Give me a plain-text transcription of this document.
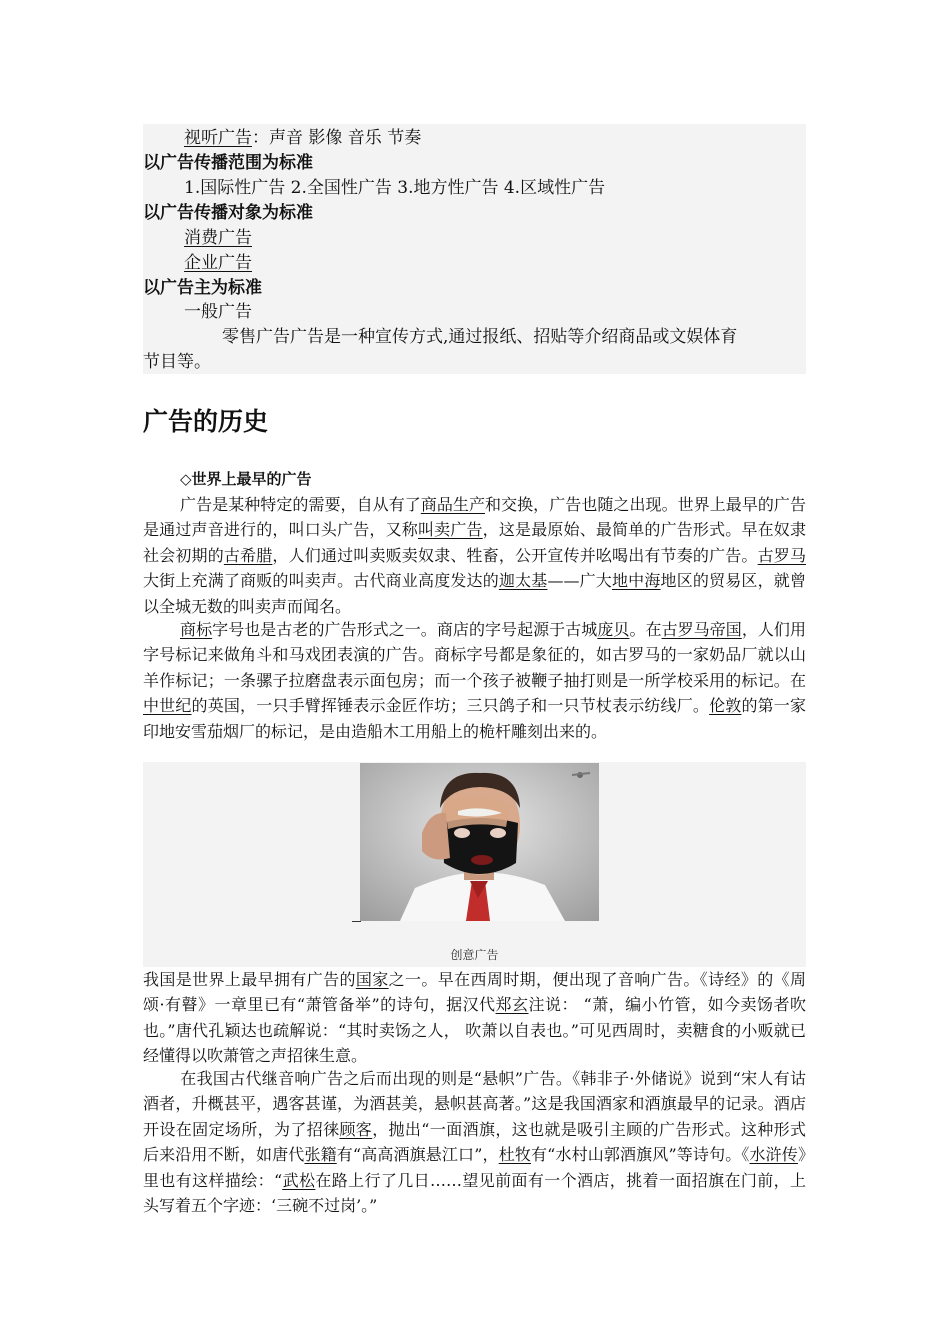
视听广告：声音 影像 音乐 节奏
以广告传播范围为标准
1.国际性广告 2.全国性广告 3.地方性广告 4.区域性广告
以广告传播对象为标准
消费广告
企业广告
以广告主为标准
一般广告
零售广告广告是一种宣传方式,通过报纸、招贴等介绍商品或文娱体育
节目等。
广告的历史
◇世界上最早的广告
广告是某种特定的需要，自从有了商品生产和交换，广告也随之出现。世界上最早的广告是通过声音进行的，叫口头广告，又称叫卖广告，这是最原始、最简单的广告形式。早在奴隶社会初期的古希腊，人们通过叫卖贩卖奴隶、牲畜，公开宣传并吆喝出有节奏的广告。古罗马大街上充满了商贩的叫卖声。古代商业高度发达的迦太基——广大地中海地区的贸易区，就曾以全城无数的叫卖声而闻名。
商标字号也是古老的广告形式之一。商店的字号起源于古城庞贝。在古罗马帝国，人们用字号标记来做角斗和马戏团表演的广告。商标字号都是象征的，如古罗马的一家奶品厂就以山羊作标记；一条骡子拉磨盘表示面包房；而一个孩子被鞭子抽打则是一所学校采用的标记。在中世纪的英国，一只手臂挥锤表示金匠作坊；三只鸽子和一只节杖表示纺线厂。伦敦的第一家印地安雪茄烟厂的标记，是由造船木工用船上的桅杆雕刻出来的。
创意广告
我国是世界上最早拥有广告的国家之一。早在西周时期，便出现了音响广告。《诗经》的《周颂·有瞽》一章里已有“萧管备举”的诗句，据汉代郑玄注说： “萧，编小竹管，如今卖饧者吹也。”唐代孔颖达也疏解说：“其时卖饧之人， 吹萧以自表也。”可见西周时，卖糖食的小贩就已经懂得以吹萧管之声招徕生意。
在我国古代继音响广告之后而出现的则是“悬帜”广告。《韩非子·外储说》说到“宋人有诂酒者，升概甚平，遇客甚谨，为酒甚美，悬帜甚高著。”这是我国酒家和酒旗最早的记录。酒店开设在固定场所，为了招徕顾客，抛出“一面酒旗，这也就是吸引主顾的广告形式。这种形式后来沿用不断，如唐代张籍有“高高酒旗悬江口”，杜牧有“水村山郭酒旗风”等诗句。《水浒传》里也有这样描绘：“武松在路上行了几日……望见前面有一个酒店，挑着一面招旗在门前，上头写着五个字迹：‘三碗不过岗’。”
